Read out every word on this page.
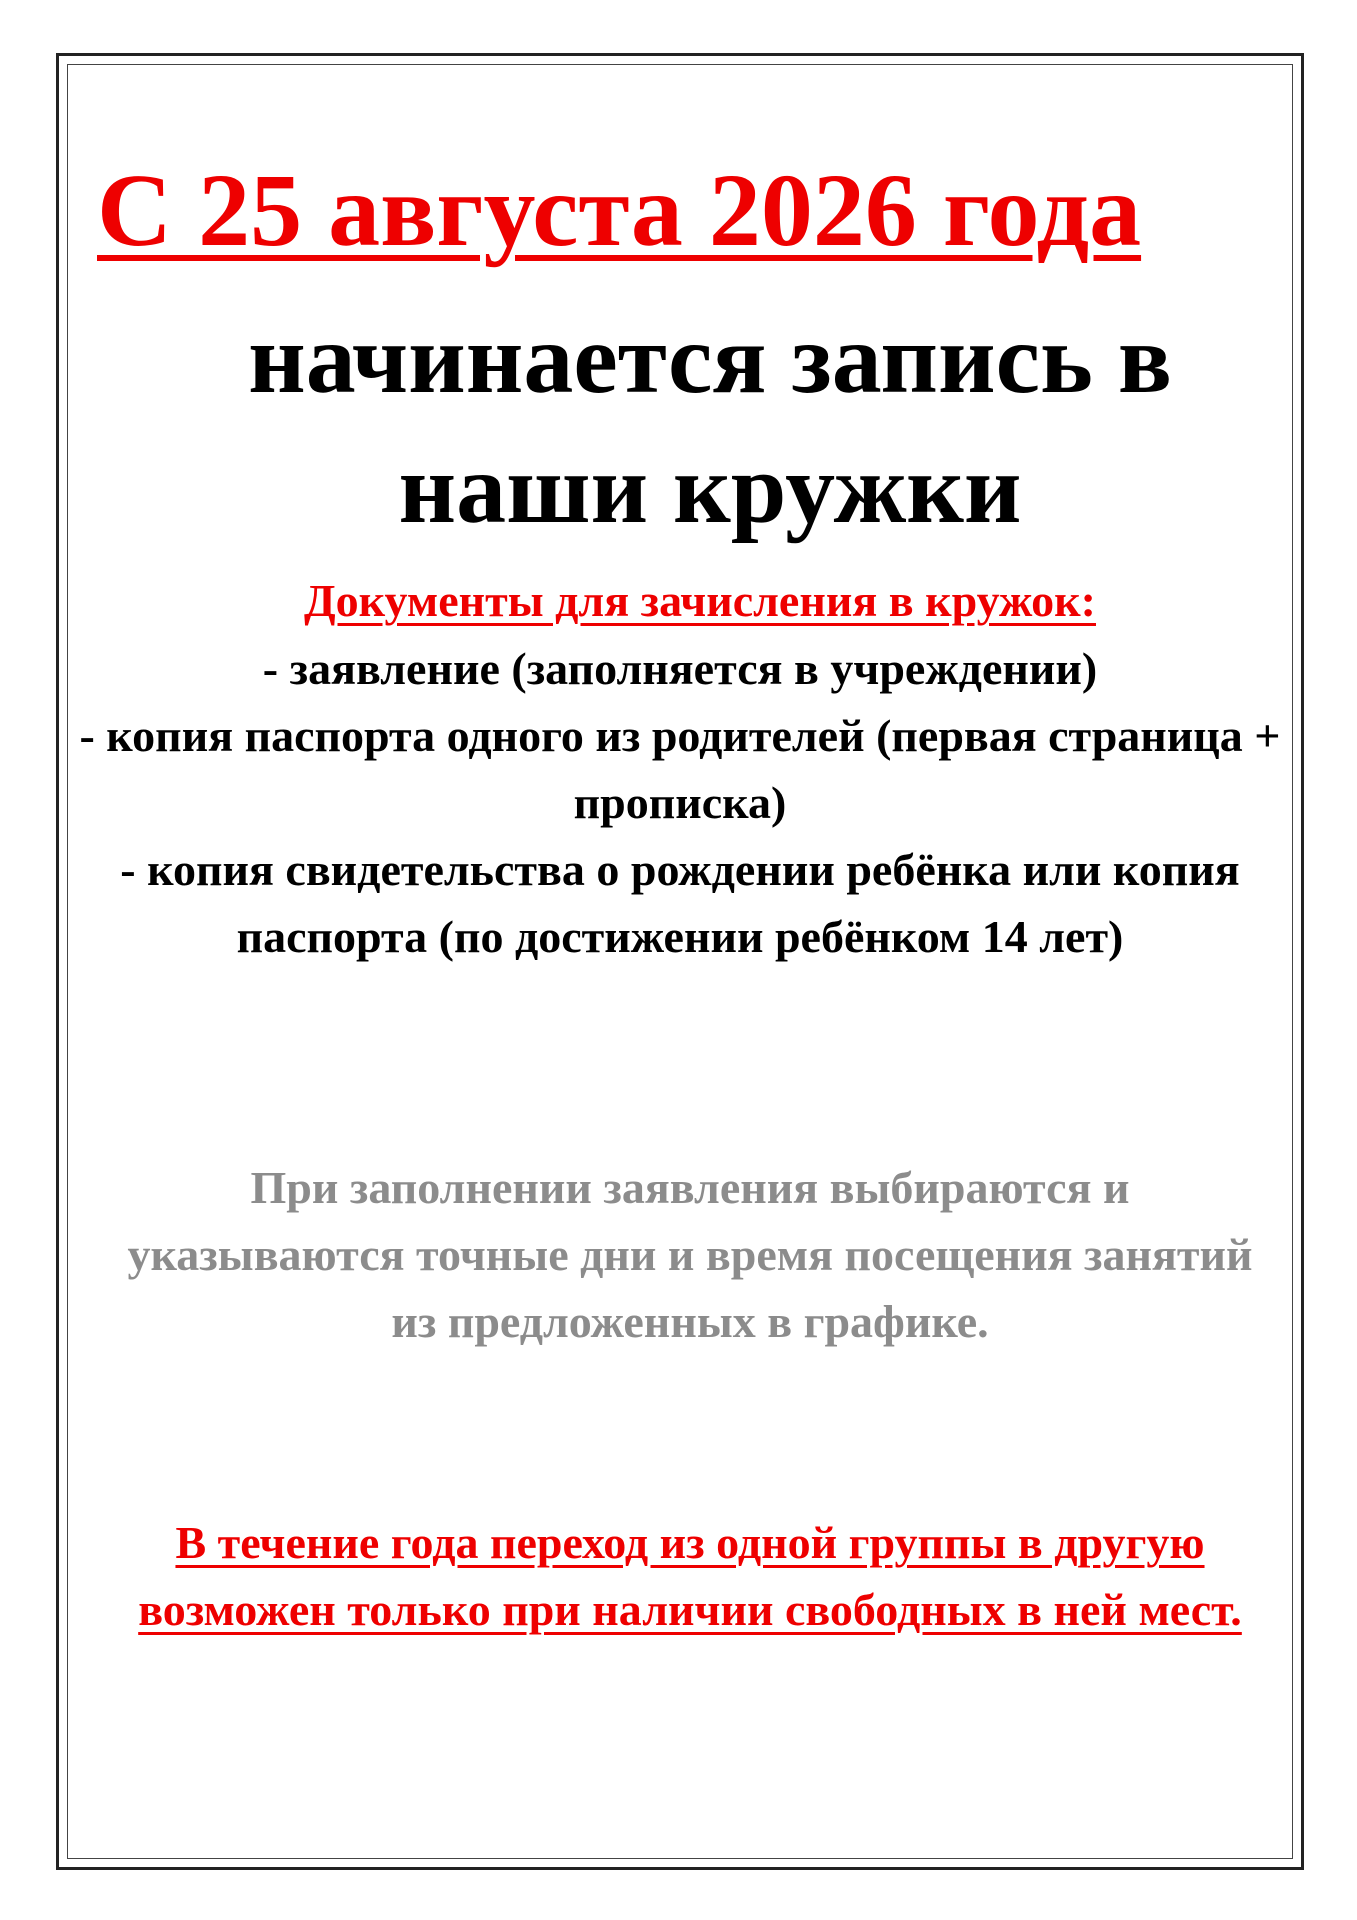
С 25 августа 2026 года
начинается запись в наши кружки

Документы для зачисления в кружок:

- заявление (заполняется в учреждении)
- копия паспорта одного из родителей (первая страница + прописка)
- копия свидетельства о рождении ребёнка или копия паспорта (по достижении ребёнком 14 лет)

При заполнении заявления выбираются и указываются точные дни и время посещения занятий из предложенных в графике.

В течение года переход из одной группы в другую возможен только при наличии свободных в ней мест.
